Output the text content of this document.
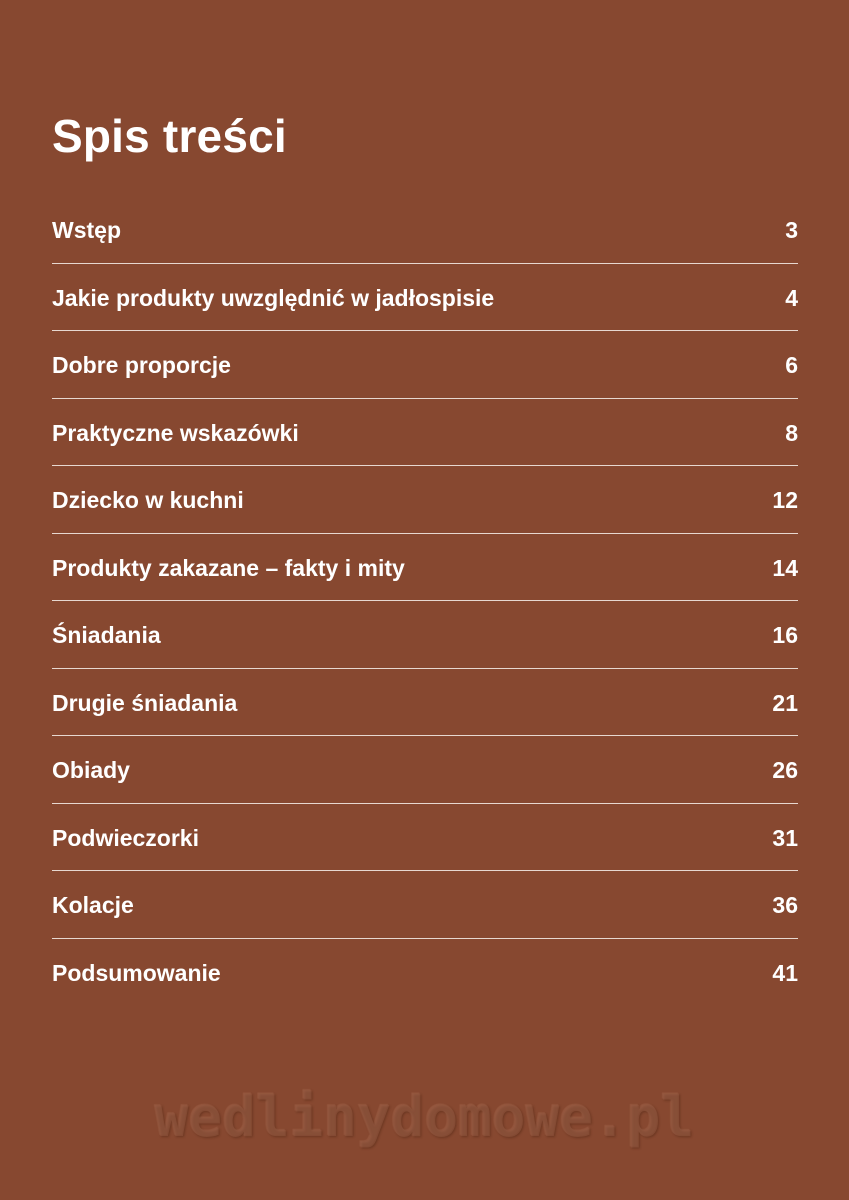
Spis treści
Wstęp	3
Jakie produkty uwzględnić w jadłospisie	4
Dobre proporcje	6
Praktyczne wskazówki	8
Dziecko w kuchni	12
Produkty zakazane – fakty i mity	14
Śniadania	16
Drugie śniadania	21
Obiady	26
Podwieczorki	31
Kolacje	36
Podsumowanie	41
wedlinydomowe.pl
